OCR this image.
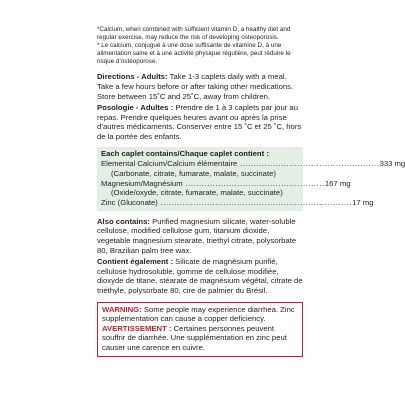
*Calcium, when combined with sufficient vitamin D, a healthy diet and regular exercise, may reduce the risk of developing osteoporosis.

* Le calcium, conjugué à une dose suffisante de vitamine D, à une alimentation saine et à une activité physique régulière, peut réduire le risque d’ostéoporose.

Directions - Adults: Take 1-3 caplets daily with a meal. Take a few hours before or after taking other medications. Store between 15˚C and 25˚C, away from children.

Posologie - Adultes : Prendre de 1 à 3 caplets par jour au repas. Prendre quelques heures avant ou après la prise d’autres médicaments. Conserver entre 15 ˚C et 25 ˚C, hors de la portée des enfants.

Each caplet contains/Chaque caplet contient :
Elemental Calcium/Calcium élémentaire ................................................... 333 mg
(Carbonate, citrate, fumarate, malate, succinate)
Magnesium/Magnésium ................................................... 167 mg
(Oxide/oxyde, citrate, fumarate, malate, succinate)
Zinc (Gluconate) ...................................................................... 17 mg

Also contains: Purified magnesium silicate, water-soluble cellulose, modified cellulose gum, titanium dioxide, vegetable magnesium stearate, triethyl citrate, polysorbate 80, Brazilian palm tree wax.

Contient également : Silicate de magnésium purifié, cellulose hydrosoluble, gomme de cellulose modifiée, dioxyde de titane, stéarate de magnésium végétal, citrate de triéthyle, polysorbate 80, cire de palmier du Brésil.

WARNING: Some people may experience diarrhea. Zinc supplementation can cause a copper deficiency.

AVERTISSEMENT : Certaines personnes peuvent souffrir de diarrhée. Une supplémentation en zinc peut causer une carence en cuivre.
